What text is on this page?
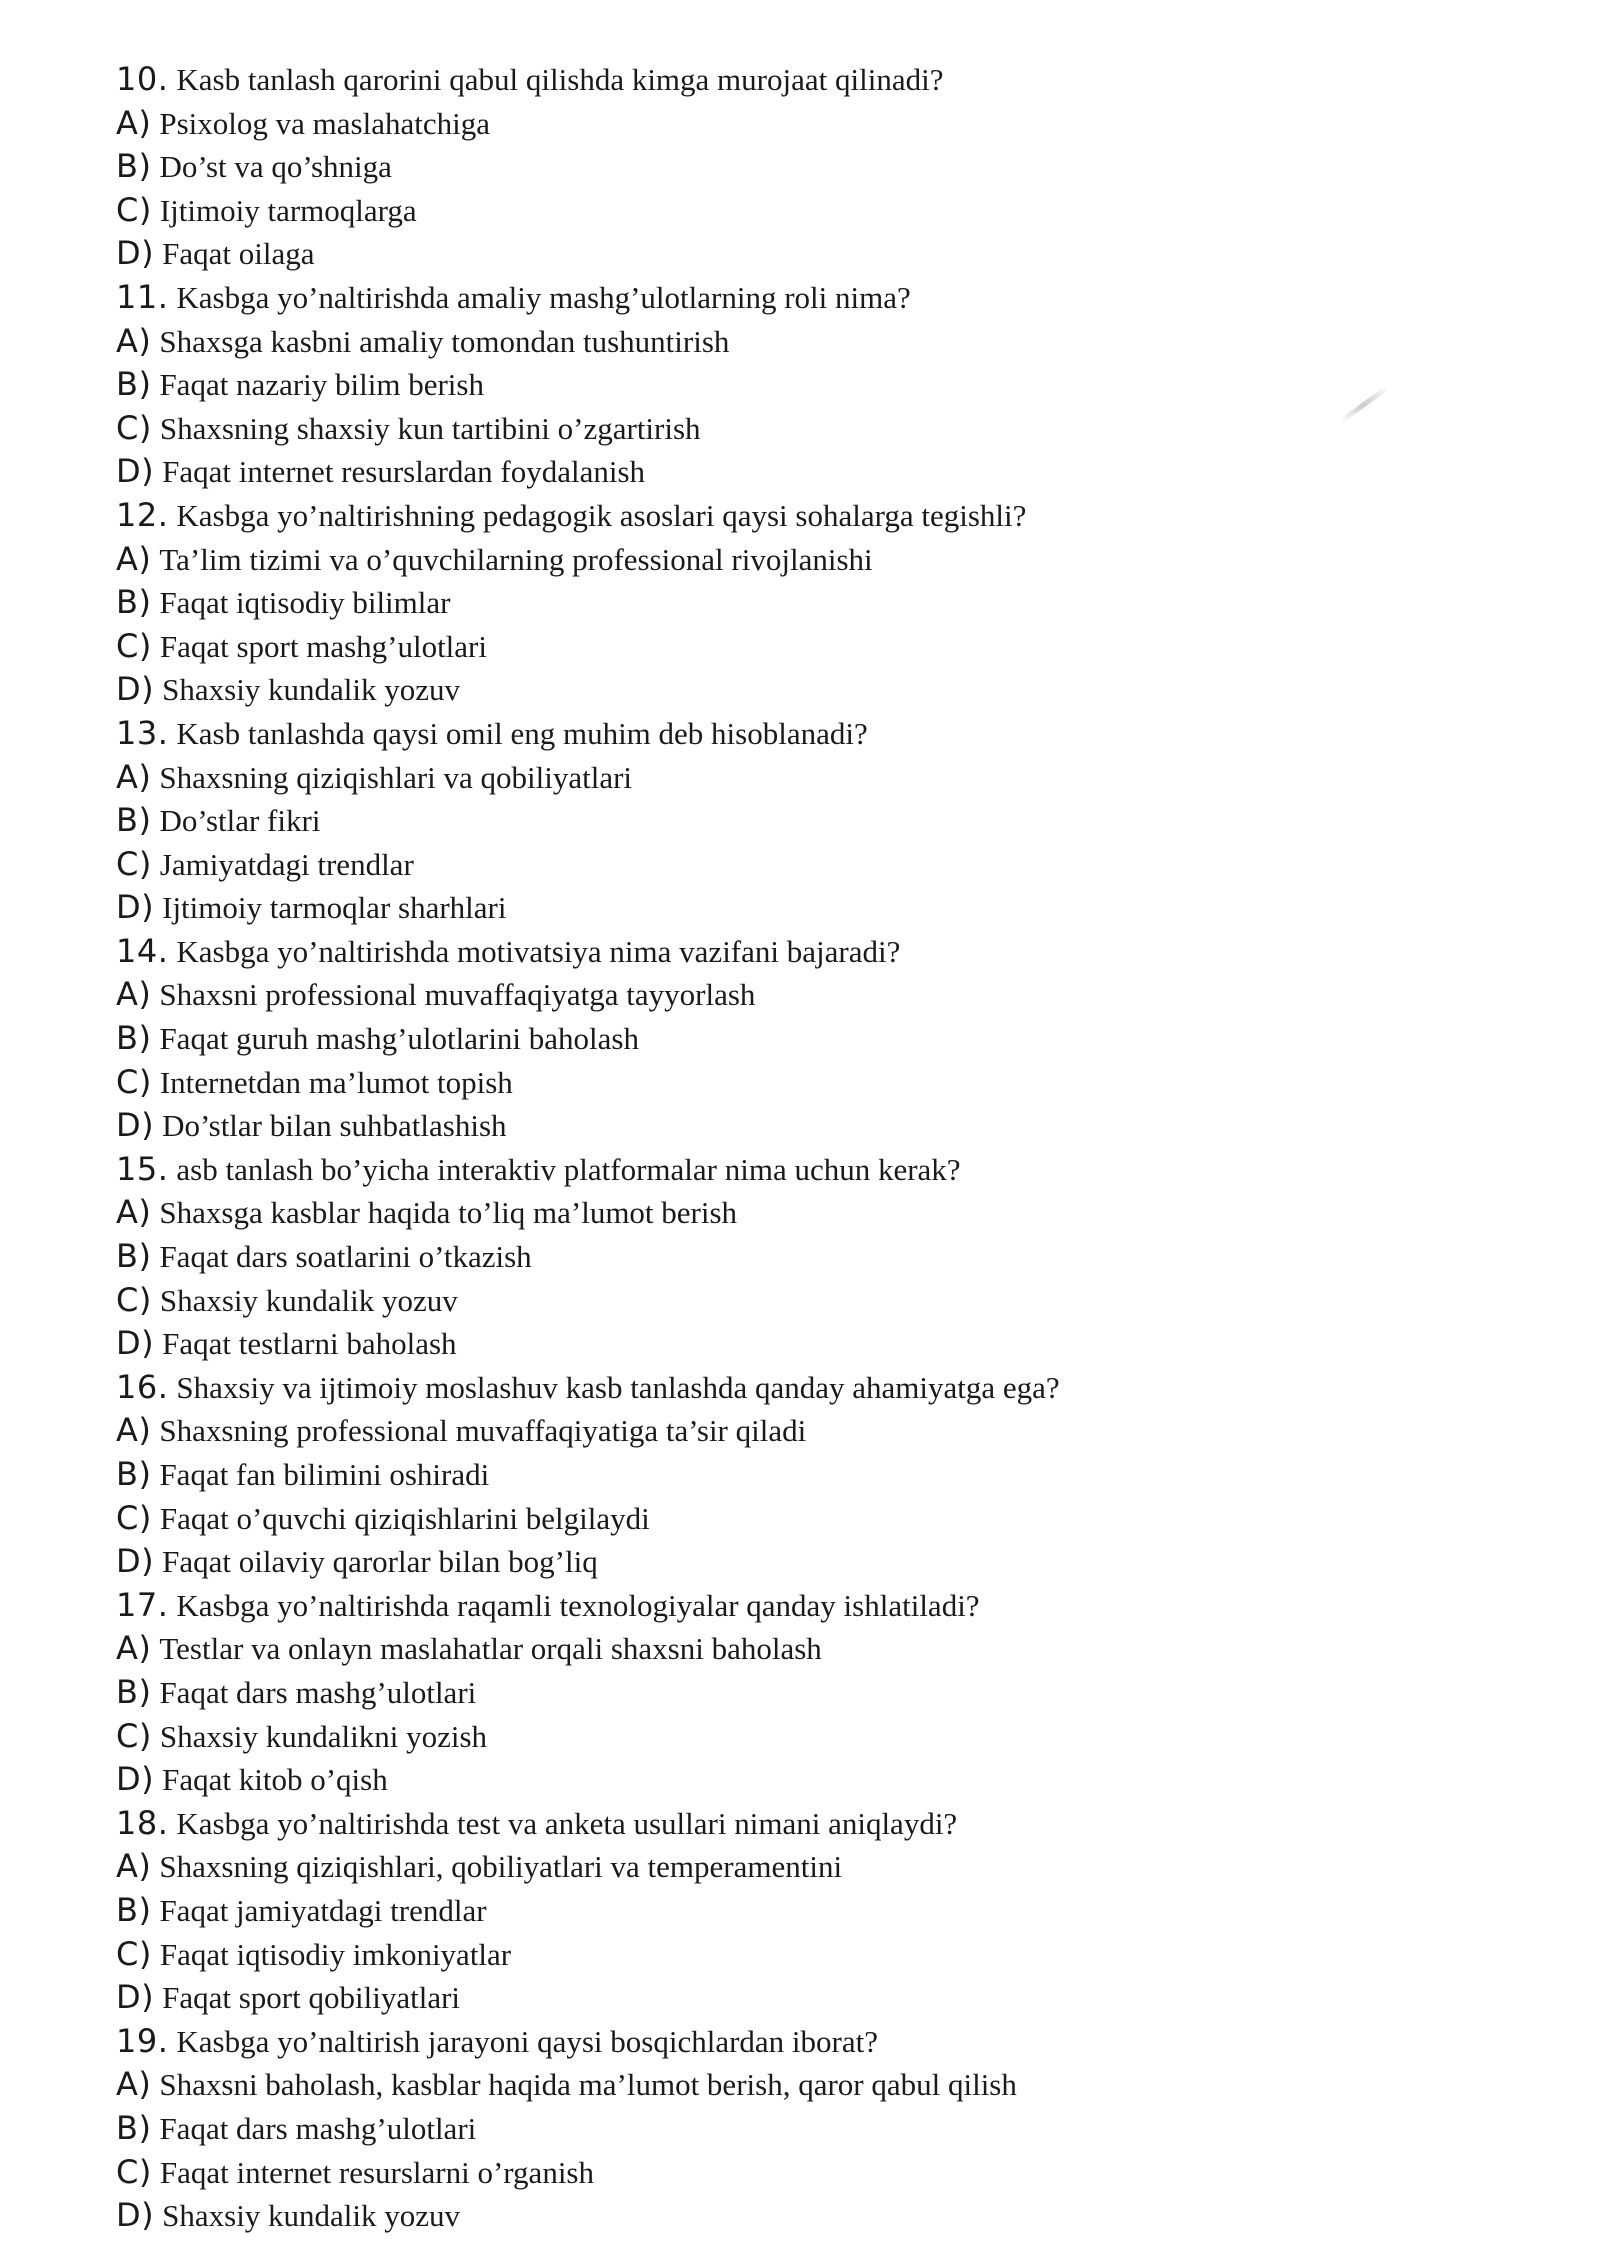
10. Kasb tanlash qarorini qabul qilishda kimga murojaat qilinadi?
A) Psixolog va maslahatchiga
B) Do’st va qo’shniga
C) Ijtimoiy tarmoqlarga
D) Faqat oilaga
11. Kasbga yo’naltirishda amaliy mashg’ulotlarning roli nima?
A) Shaxsga kasbni amaliy tomondan tushuntirish
B) Faqat nazariy bilim berish
C) Shaxsning shaxsiy kun tartibini o’zgartirish
D) Faqat internet resurslardan foydalanish
12. Kasbga yo’naltirishning pedagogik asoslari qaysi sohalarga tegishli?
A) Ta’lim tizimi va o’quvchilarning professional rivojlanishi
B) Faqat iqtisodiy bilimlar
C) Faqat sport mashg’ulotlari
D) Shaxsiy kundalik yozuv
13. Kasb tanlashda qaysi omil eng muhim deb hisoblanadi?
A) Shaxsning qiziqishlari va qobiliyatlari
B) Do’stlar fikri
C) Jamiyatdagi trendlar
D) Ijtimoiy tarmoqlar sharhlari
14. Kasbga yo’naltirishda motivatsiya nima vazifani bajaradi?
A) Shaxsni professional muvaffaqiyatga tayyorlash
B) Faqat guruh mashg’ulotlarini baholash
C) Internetdan ma’lumot topish
D) Do’stlar bilan suhbatlashish
15. asb tanlash bo’yicha interaktiv platformalar nima uchun kerak?
A) Shaxsga kasblar haqida to’liq ma’lumot berish
B) Faqat dars soatlarini o’tkazish
C) Shaxsiy kundalik yozuv
D) Faqat testlarni baholash
16. Shaxsiy va ijtimoiy moslashuv kasb tanlashda qanday ahamiyatga ega?
A) Shaxsning professional muvaffaqiyatiga ta’sir qiladi
B) Faqat fan bilimini oshiradi
C) Faqat o’quvchi qiziqishlarini belgilaydi
D) Faqat oilaviy qarorlar bilan bog’liq
17. Kasbga yo’naltirishda raqamli texnologiyalar qanday ishlatiladi?
A) Testlar va onlayn maslahatlar orqali shaxsni baholash
B) Faqat dars mashg’ulotlari
C) Shaxsiy kundalikni yozish
D) Faqat kitob o’qish
18. Kasbga yo’naltirishda test va anketa usullari nimani aniqlaydi?
A) Shaxsning qiziqishlari, qobiliyatlari va temperamentini
B) Faqat jamiyatdagi trendlar
C) Faqat iqtisodiy imkoniyatlar
D) Faqat sport qobiliyatlari
19. Kasbga yo’naltirish jarayoni qaysi bosqichlardan iborat?
A) Shaxsni baholash, kasblar haqida ma’lumot berish, qaror qabul qilish
B) Faqat dars mashg’ulotlari
C) Faqat internet resurslarni o’rganish
D) Shaxsiy kundalik yozuv
